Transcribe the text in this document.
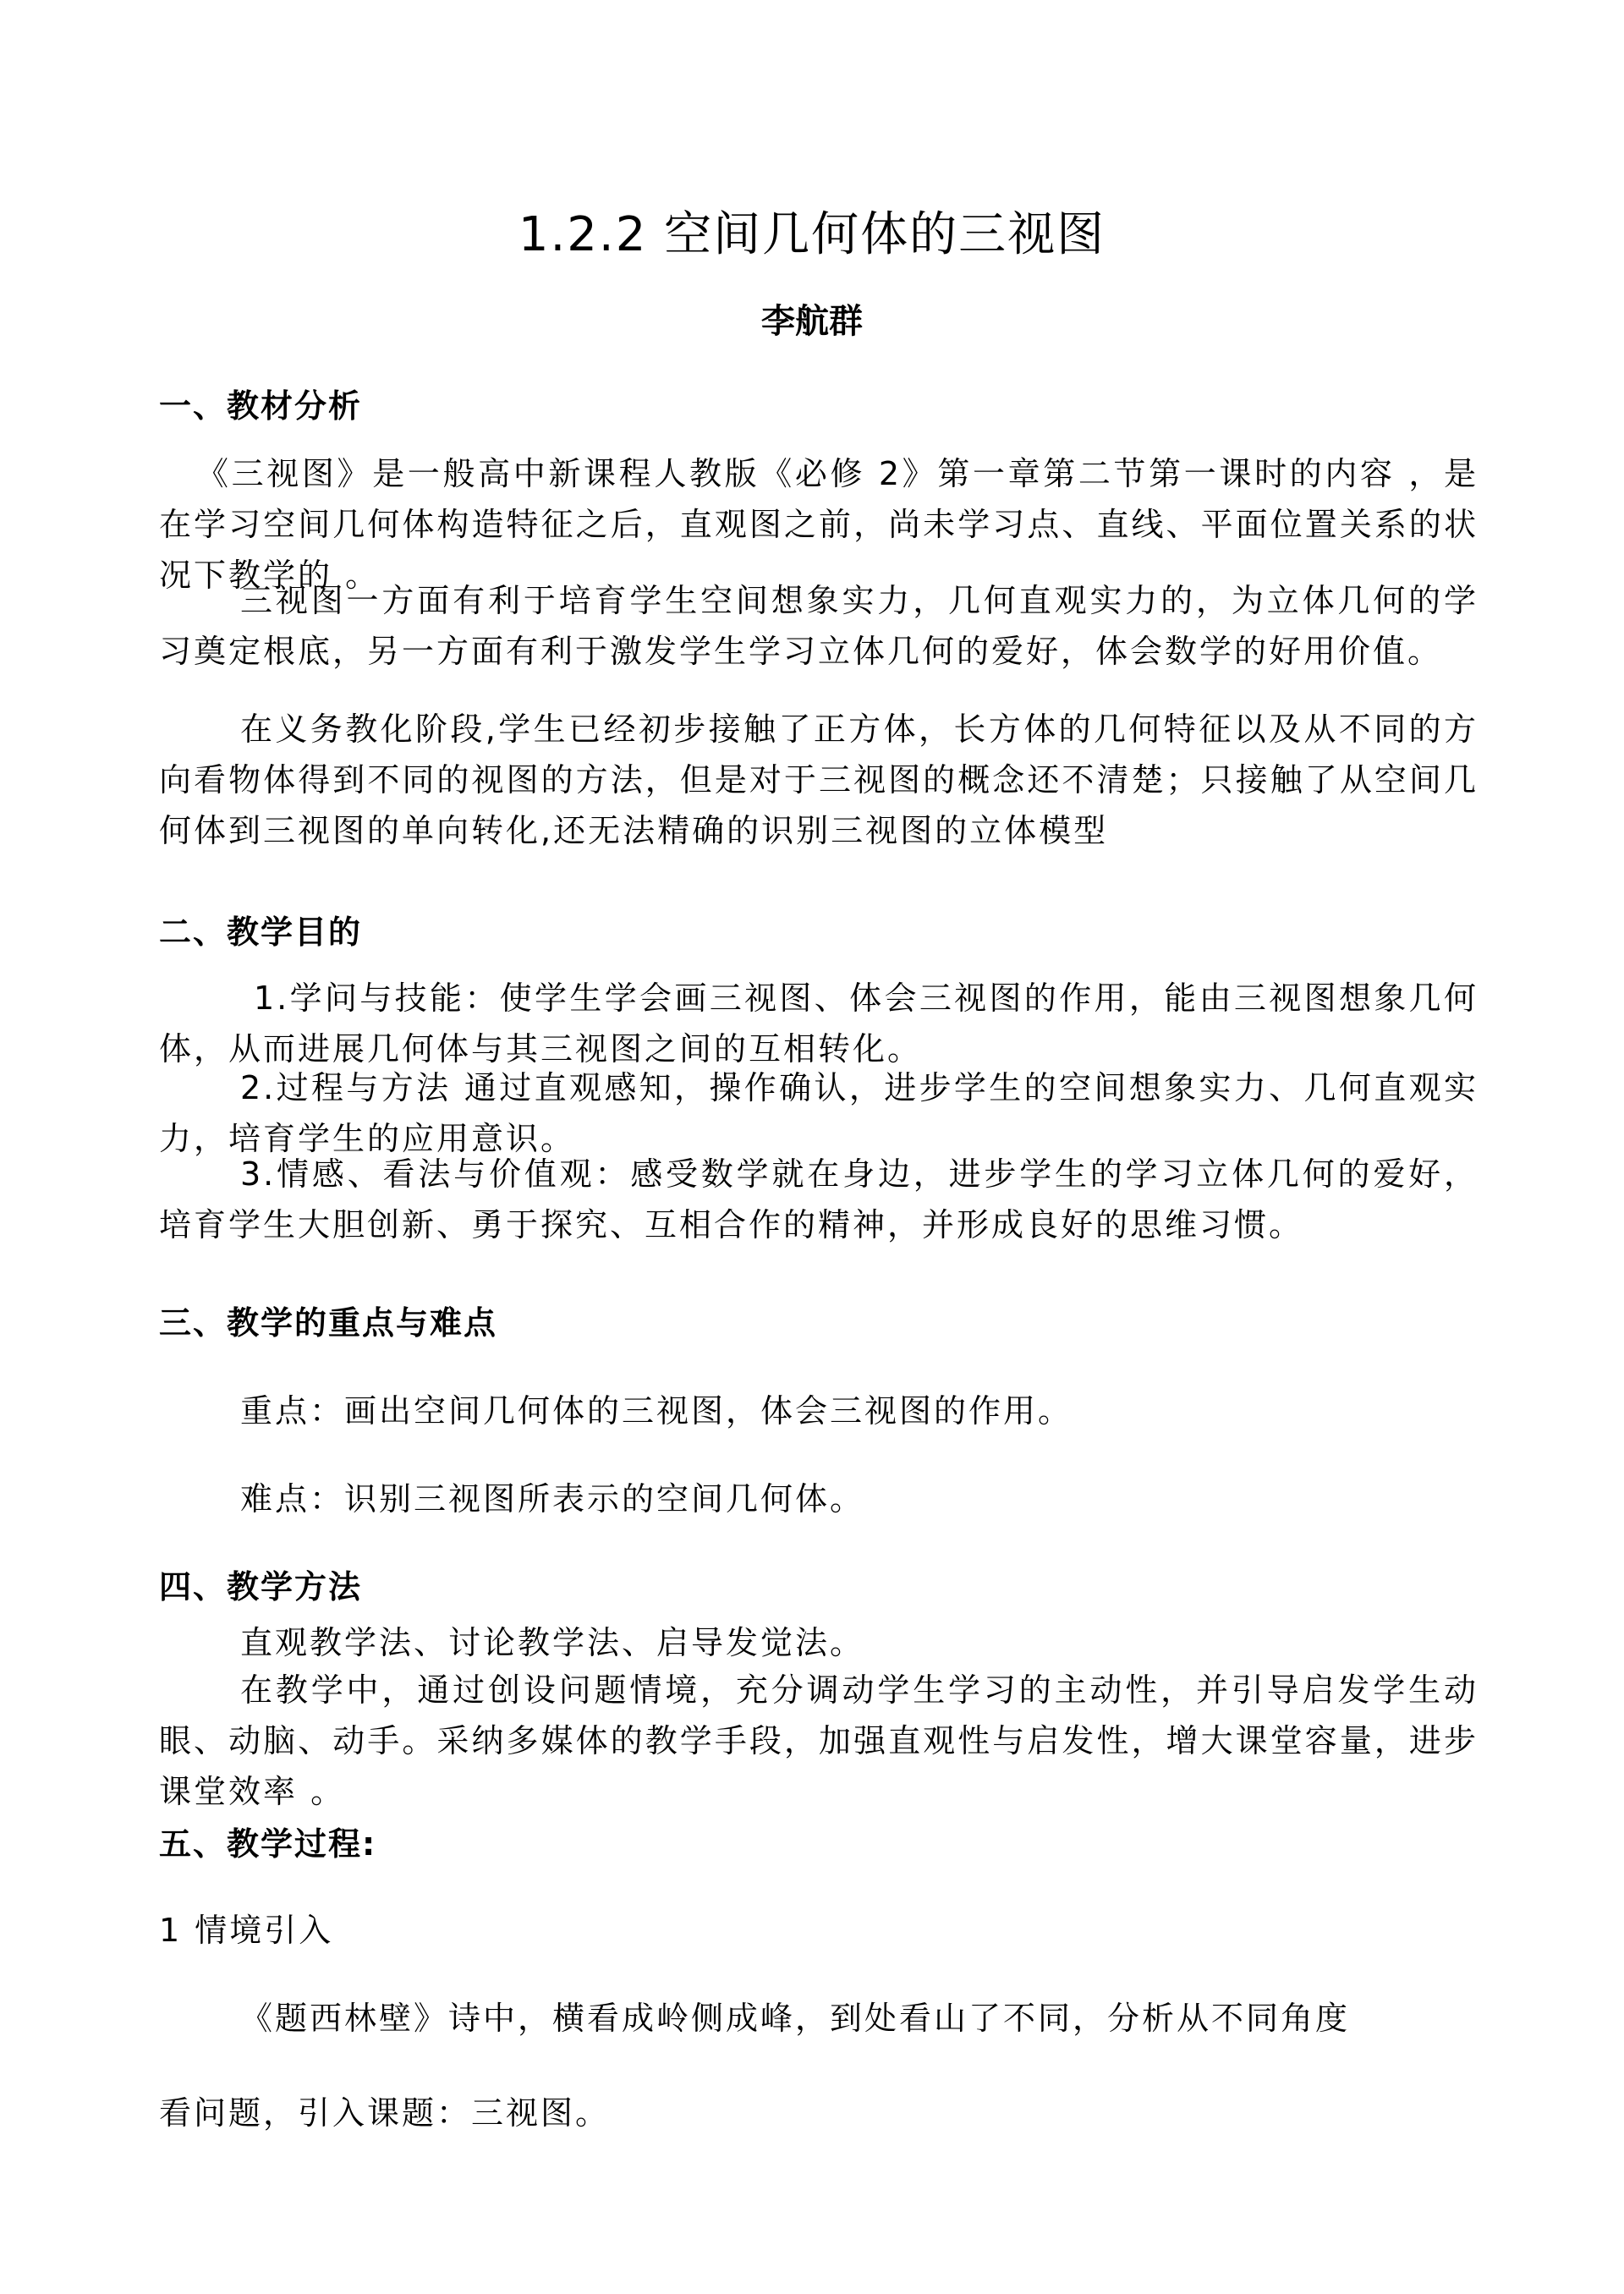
1.2.2 空间几何体的三视图
李航群
一、教材分析
《三视图》是一般高中新课程人教版《必修 2》第一章第二节第一课时的内容 ，是在学习空间几何体构造特征之后，直观图之前，尚未学习点、直线、平面位置关系的状况下教学的 。
三视图一方面有利于培育学生空间想象实力，几何直观实力的，为立体几何的学习奠定根底，另一方面有利于激发学生学习立体几何的爱好，体会数学的好用价值。
在义务教化阶段,学生已经初步接触了正方体，长方体的几何特征以及从不同的方向看物体得到不同的视图的方法，但是对于三视图的概念还不清楚；只接触了从空间几何体到三视图的单向转化,还无法精确的识别三视图的立体模型
二、教学目的
1.学问与技能：使学生学会画三视图、体会三视图的作用，能由三视图想象几何体，从而进展几何体与其三视图之间的互相转化。
2.过程与方法 通过直观感知，操作确认，进步学生的空间想象实力、几何直观实力，培育学生的应用意识。
3.情感、看法与价值观：感受数学就在身边，进步学生的学习立体几何的爱好，培育学生大胆创新、勇于探究、互相合作的精神，并形成良好的思维习惯。
三、教学的重点与难点
重点：画出空间几何体的三视图，体会三视图的作用。
难点：识别三视图所表示的空间几何体。
四、教学方法
直观教学法、讨论教学法、启导发觉法。
在教学中，通过创设问题情境，充分调动学生学习的主动性，并引导启发学生动眼、动脑、动手。采纳多媒体的教学手段，加强直观性与启发性，增大课堂容量，进步课堂效率 。
五、教学过程:
1 情境引入
《题西林壁》诗中，横看成岭侧成峰，到处看山了不同，分析从不同角度
看问题，引入课题：三视图。
